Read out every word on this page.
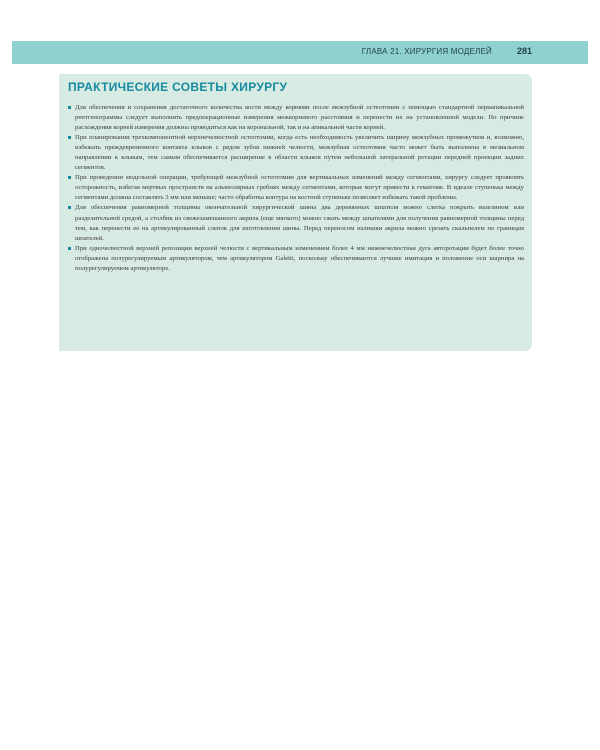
ГЛАВА 21. ХИРУРГИЯ МОДЕЛЕЙ	281
ПРАКТИЧЕСКИЕ СОВЕТЫ ХИРУРГУ
Для обеспечения и сохранения достаточного количества кости между корнями после межзубной остеотомии с помощью стандартной периапикальной рентгенограммы следует выполнить предоперационные измерения межкорневого расстояния и перенести их на установленной модели. По причине расхождения корней измерения должны проводиться как на корональной, так и на апикальной части корней.
При планировании трехкомпонентной верхнечелюстной остеотомии, когда есть необходимость увеличить ширину межзубных промежутков и, возможно, избежать преждевременного контакта клыков с рядом зубов нижней челюсти, межзубная остеотомия часто может быть выполнена в мезиальном направлении к клыкам, тем самым обеспечивается расширение в области клыков путем небольшой латеральной ротации передней проекции задних сегментов.
При проведении модельной операции, требующей межзубной остеотомии для вертикальных изменений между сегментами, хирургу следует проявлять осторожность, избегая мертвых пространств на альвеолярных гребнях между сегментами, которые могут привести к гематоме. В идеале ступенька между сегментами должна составлять 3 мм или меньше; часто обработка контура на костной ступеньке позволяет избежать такой проблемы.
Для обеспечения равномерной толщины окончательной хирургической шины два деревянных шпателя можно слегка покрыть вазелином или разделительной средой, а столбик из свежезамешанного акрила (еще мягкого) можно сжать между шпателями для получения равномерной толщины перед тем, как перенести ее на артикулированный слепок для изготовления шины. Перед переносом излишки акрила можно срезать скальпелем по границам шпателей.
При одночелюстной верхней репозиции верхней челюсти с вертикальным изменением более 4 мм нижнечелюстная дуга авторотации будет более точно отображена полурегулируемым артикулятором, чем артикулятором Galetti, поскольку обеспечиваются лучшие имитация и положение оси шарнира на полурегулируемом артикуляторе.
